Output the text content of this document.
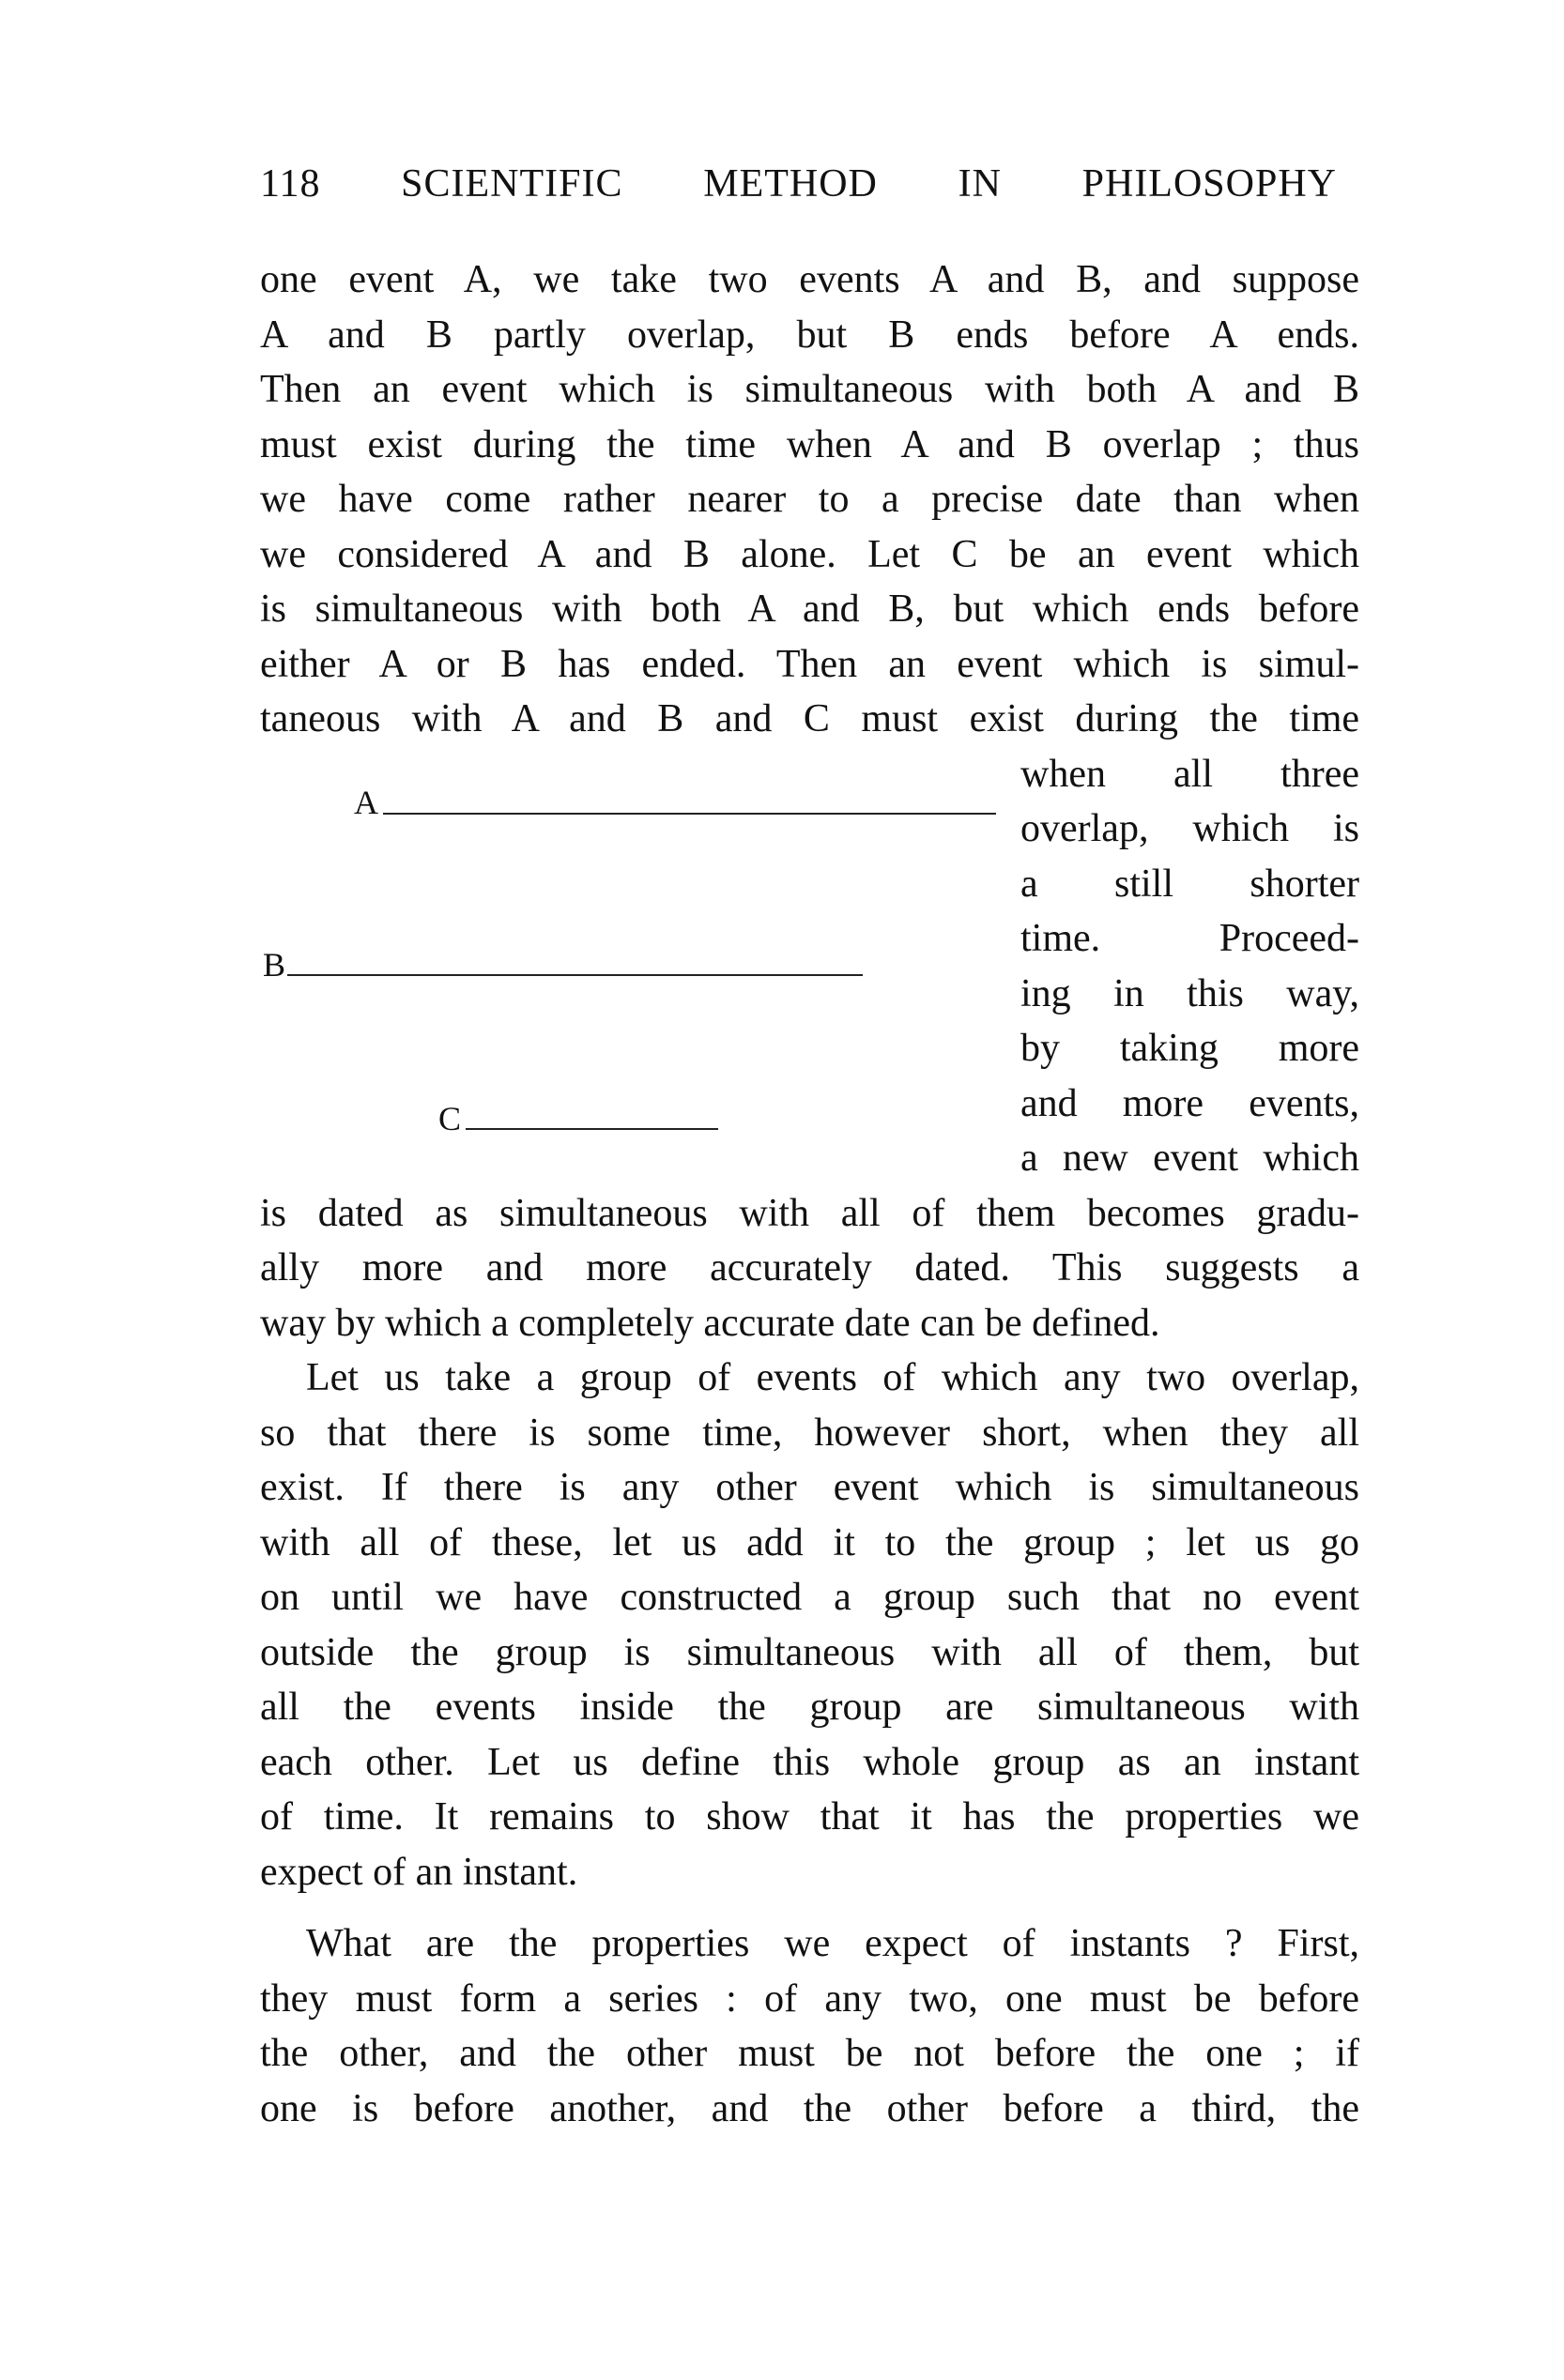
118 SCIENTIFIC METHOD IN PHILOSOPHY
A
B
C
one event A, we take two events A and B, and suppose
A and B partly overlap, but B ends before A ends.
Then an event which is simultaneous with both A and B
must exist during the time when A and B overlap ; thus
we have come rather nearer to a precise date than when
we considered A and B alone. Let C be an event which
is simultaneous with both A and B, but which ends before
either A or B has ended. Then an event which is simul-
taneous with A and B and C must exist during the time
when all three
overlap, which is
a still shorter
time. Proceed-
ing in this way,
by taking more
and more events,
a new event which
is dated as simultaneous with all of them becomes gradu-
ally more and more accurately dated. This suggests a
way by which a completely accurate date can be defined.
Let us take a group of events of which any two overlap,
so that there is some time, however short, when they all
exist. If there is any other event which is simultaneous
with all of these, let us add it to the group ; let us go
on until we have constructed a group such that no event
outside the group is simultaneous with all of them, but
all the events inside the group are simultaneous with
each other. Let us define this whole group as an instant
of time. It remains to show that it has the properties we
expect of an instant.
What are the properties we expect of instants ? First,
they must form a series : of any two, one must be before
the other, and the other must be not before the one ; if
one is before another, and the other before a third, the
